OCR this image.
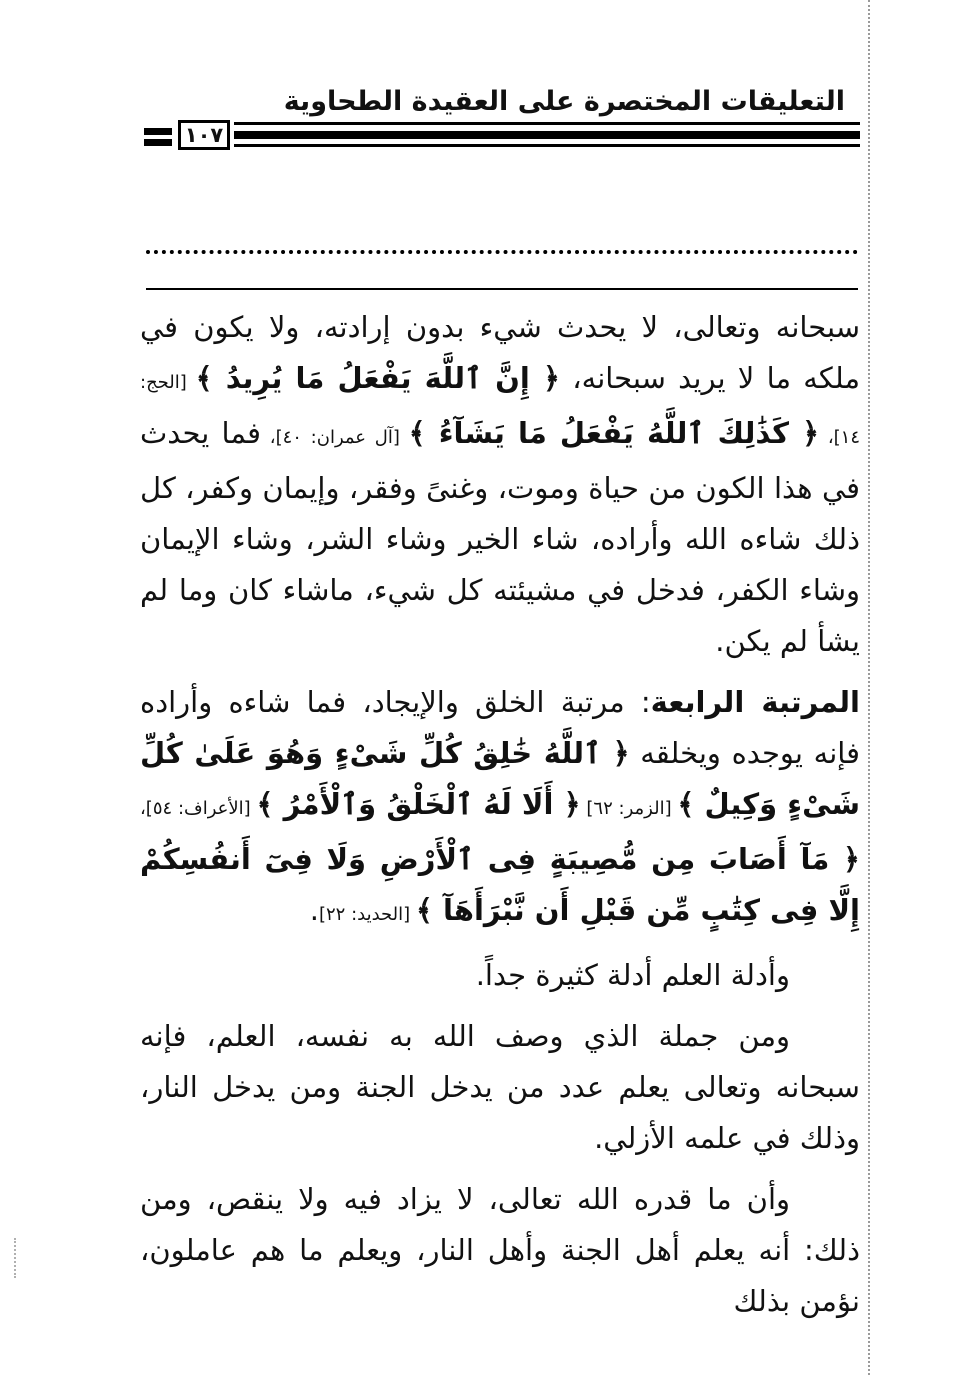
التعليقات المختصرة على العقيدة الطحاوية
١٠٧

سبحانه وتعالى، لا يحدث شيء بدون إرادته، ولا يكون في ملكه ما لا يريد سبحانه، ﴿ إِنَّ ٱللَّهَ يَفْعَلُ مَا يُرِيدُ ﴾ [الحج: ١٤]، ﴿ كَذَٰلِكَ ٱللَّهُ يَفْعَلُ مَا يَشَآءُ ﴾ [آل عمران: ٤٠]، فما يحدث في هذا الكون من حياة وموت، وغنىً وفقر، وإيمان وكفر، كل ذلك شاءه الله وأراده، شاء الخير وشاء الشر، وشاء الإيمان وشاء الكفر، فدخل في مشيئته كل شيء، ماشاء كان وما لم يشأ لم يكن.

المرتبة الرابعة: مرتبة الخلق والإيجاد، فما شاءه وأراده فإنه يوجده ويخلقه ﴿ ٱللَّهُ خَٰلِقُ كُلِّ شَىْءٍ وَهُوَ عَلَىٰ كُلِّ شَىْءٍ وَكِيلٌ ﴾ [الزمر: ٦٢] ﴿ أَلَا لَهُ ٱلْخَلْقُ وَٱلْأَمْرُ ﴾ [الأعراف: ٥٤]، ﴿ مَآ أَصَابَ مِن مُّصِيبَةٍ فِى ٱلْأَرْضِ وَلَا فِىٓ أَنفُسِكُمْ إِلَّا فِى كِتَٰبٍ مِّن قَبْلِ أَن نَّبْرَأَهَآ ﴾ [الحديد: ٢٢].

وأدلة العلم أدلة كثيرة جداً.

ومن جملة الذي وصف الله به نفسه، العلم، فإنه سبحانه وتعالى يعلم عدد من يدخل الجنة ومن يدخل النار، وذلك في علمه الأزلي.

وأن ما قدره الله تعالى، لا يزاد فيه ولا ينقص، ومن ذلك: أنه يعلم أهل الجنة وأهل النار، ويعلم ما هم عاملون، نؤمن بذلك
